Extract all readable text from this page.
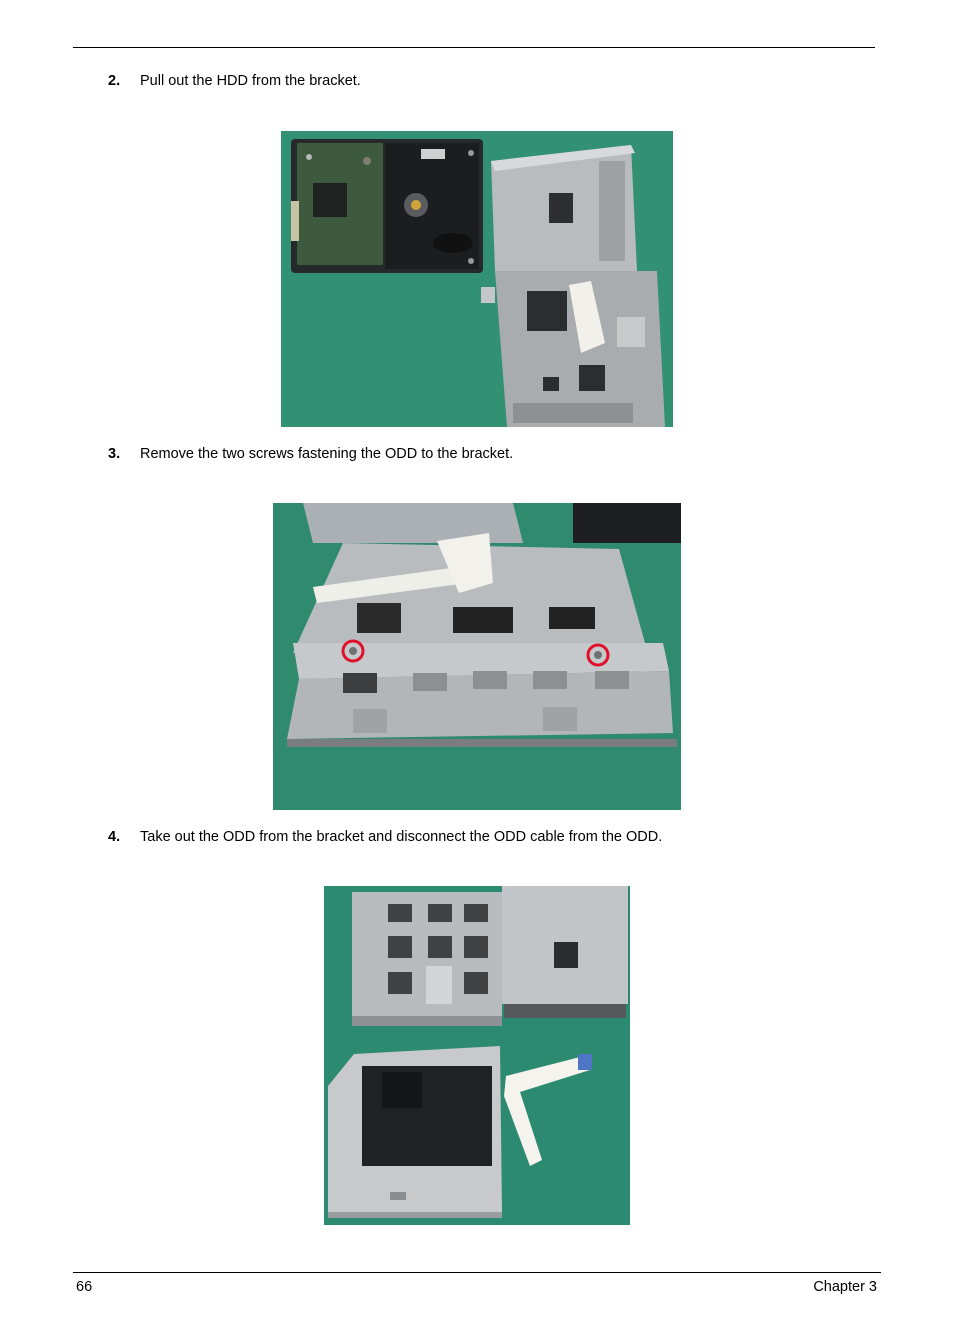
2. Pull out the HDD from the bracket.
3. Remove the two screws fastening the ODD to the bracket.
4. Take out the ODD from the bracket and disconnect the ODD cable from the ODD.
66	Chapter 3
